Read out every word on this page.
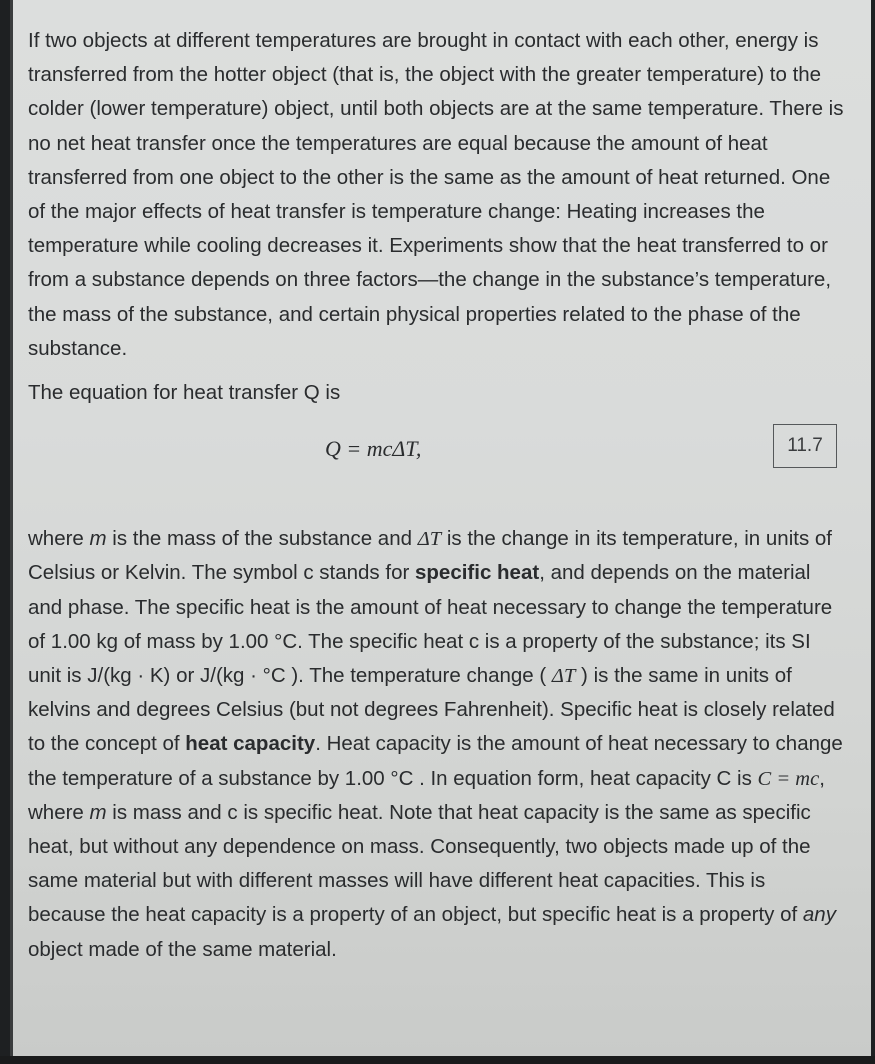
If two objects at different temperatures are brought in contact with each other, energy is transferred from the hotter object (that is, the object with the greater temperature) to the colder (lower temperature) object, until both objects are at the same temperature. There is no net heat transfer once the temperatures are equal because the amount of heat transferred from one object to the other is the same as the amount of heat returned. One of the major effects of heat transfer is temperature change: Heating increases the temperature while cooling decreases it. Experiments show that the heat transferred to or from a substance depends on three factors—the change in the substance’s temperature, the mass of the substance, and certain physical properties related to the phase of the substance.

The equation for heat transfer Q is

Q = mcΔT,	11.7

where m is the mass of the substance and ΔT is the change in its temperature, in units of Celsius or Kelvin. The symbol c stands for specific heat, and depends on the material and phase. The specific heat is the amount of heat necessary to change the temperature of 1.00 kg of mass by 1.00 °C. The specific heat c is a property of the substance; its SI unit is J/(kg · K) or J/(kg · °C ). The temperature change ( ΔT ) is the same in units of kelvins and degrees Celsius (but not degrees Fahrenheit). Specific heat is closely related to the concept of heat capacity. Heat capacity is the amount of heat necessary to change the temperature of a substance by 1.00 °C . In equation form, heat capacity C is C = mc, where m is mass and c is specific heat. Note that heat capacity is the same as specific heat, but without any dependence on mass. Consequently, two objects made up of the same material but with different masses will have different heat capacities. This is because the heat capacity is a property of an object, but specific heat is a property of any object made of the same material.
